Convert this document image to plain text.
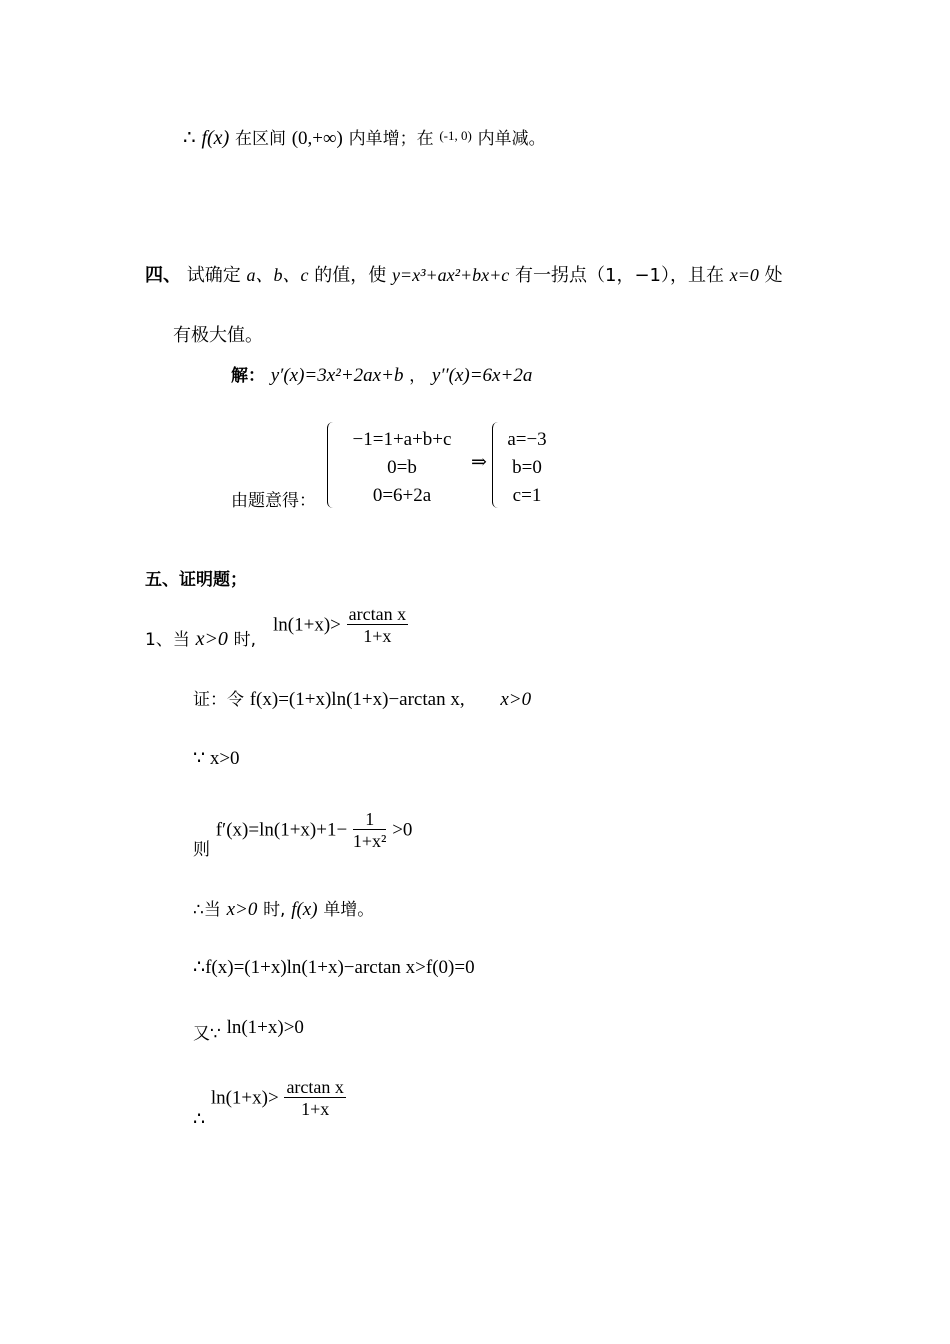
∴ f(x) 在区间 (0,+∞) 内单增；在 $^{(-1, 0)}$ 内单减。
四、 试确定 a、b、c 的值，使 y=x³+ax²+bx+c 有一拐点（1，−1），且在 x=0 处
有极大值。
解： y′(x)=3x²+2ax+b ， y′′(x)=6x+2a
由题意得：
−1=1+a+b+c
0=b
0=6+2a
⇒
a=−3
b=0
c=1
五、证明题；
1、当 x>0 时,
$\ln(1+x)> \frac{\text{arctan x}}{1+x}$
证：令 f(x)=(1+x)ln(1+x)−arctan x, x>0
∵ x>0
则 $f'(x)=\ln(1+x)+1- \frac{1}{\text{1+x²}} >0$
∴当 x>0 时, f(x) 单增。
∴f(x)=(1+x)ln(1+x)−arctan x>f(0)=0
又∵ ln(1+x)>0
∴ $\ln(1+x)> \frac{\text{arctan x}}{1+x}$
